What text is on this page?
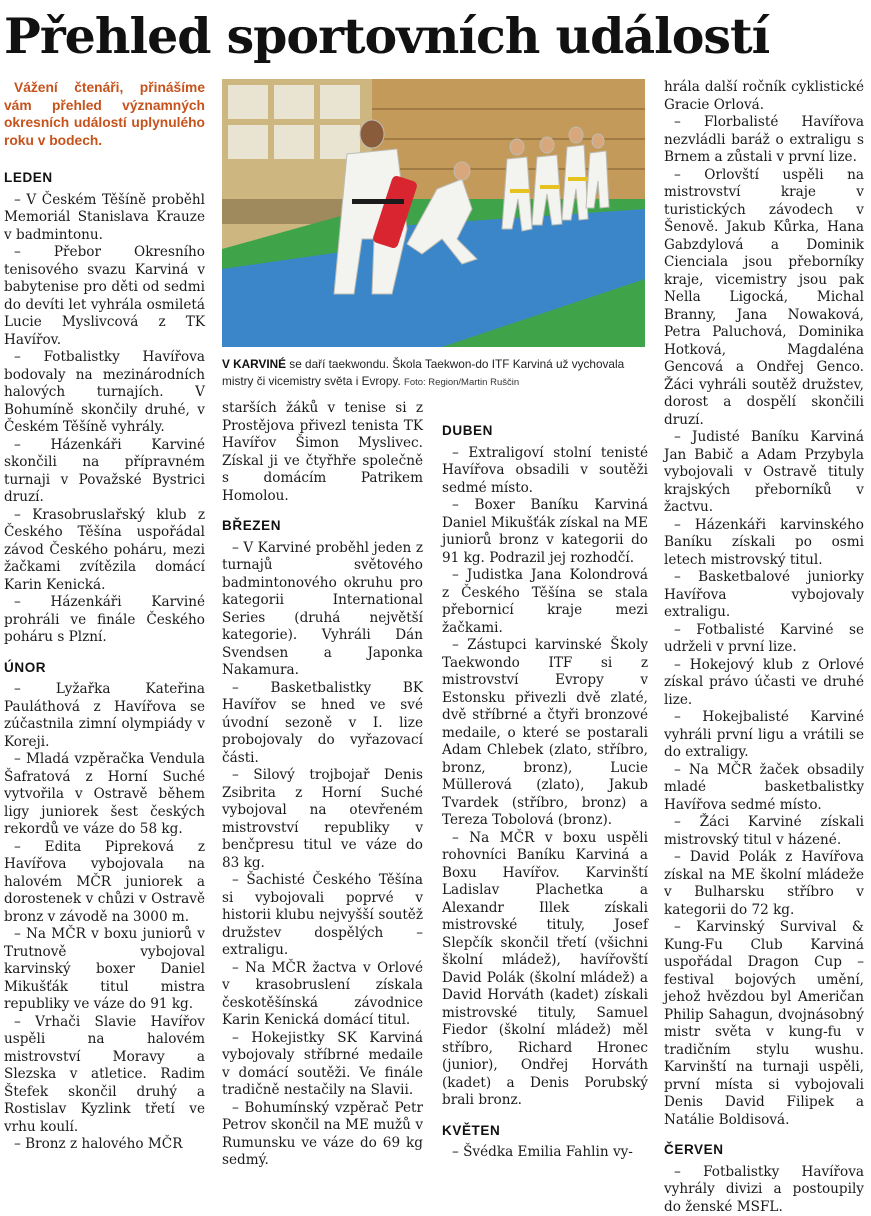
Přehled sportovních událostí

Vážení čtenáři, přinášíme vám přehled významných okresních událostí uplynulého roku v bodech.

LEDEN

– V Českém Těšíně proběhl Memoriál Stanislava Krauze v badmintonu.

– Přebor Okresního tenisového svazu Karviná v babytenise pro děti od sedmi do devíti let vyhrála osmiletá Lucie Myslivcová z TK Havířov.

– Fotbalistky Havířova bodovaly na mezinárodních halových turnajích. V Bohumíně skončily druhé, v Českém Těšíně vyhrály.

– Házenkáři Karviné skončili na přípravném turnaji v Považské Bystrici druzí.

– Krasobruslařský klub z Českého Těšína uspořádal závod Českého poháru, mezi žačkami zvítězila domácí Karin Kenická.

– Házenkáři Karviné prohráli ve finále Českého poháru s Plzní.

ÚNOR

– Lyžařka Kateřina Pauláthová z Havířova se zúčastnila zimní olympiády v Koreji.

– Mladá vzpěračka Vendula Šafratová z Horní Suché vytvořila v Ostravě během ligy juniorek šest českých rekordů ve váze do 58 kg.

– Edita Pipreková z Havířova vybojovala na halovém MČR juniorek a dorostenek v chůzi v Ostravě bronz v závodě na 3000 m.

– Na MČR v boxu juniorů v Trutnově vybojoval karvinský boxer Daniel Mikušťák titul mistra republiky ve váze do 91 kg.

– Vrhači Slavie Havířov uspěli na halovém mistrovství Moravy a Slezska v atletice. Radim Štefek skončil druhý a Rostislav Kyzlink třetí ve vrhu koulí.

– Bronz z halového MČR

V KARVINÉ se daří taekwondu. Škola Taekwon-do ITF Karviná už vychovala mistry či vicemistry světa i Evropy. Foto: Region/Martin Ruščin

starších žáků v tenise si z Prostějova přivezl tenista TK Havířov Šimon Myslivec. Získal ji ve čtyřhře společně s domácím Patrikem Homolou.

BŘEZEN

– V Karviné proběhl jeden z turnajů světového badmintonového okruhu pro kategorii International Series (druhá největší kategorie). Vyhráli Dán Svendsen a Japonka Nakamura.

– Basketbalistky BK Havířov se hned ve své úvodní sezoně v I. lize probojovaly do vyřazovací části.

– Silový trojbojař Denis Zsibrita z Horní Suché vybojoval na otevřeném mistrovství republiky v benčpresu titul ve váze do 83 kg.

– Šachisté Českého Těšína si vybojovali poprvé v historii klubu nejvyšší soutěž družstev dospělých – extraligu.

– Na MČR žactva v Orlové v krasobruslení získala českotěšínská závodnice Karin Kenická domácí titul.

– Hokejistky SK Karviná vybojovaly stříbrné medaile v domácí soutěži. Ve finále tradičně nestačily na Slavii.

– Bohumínský vzpěrač Petr Petrov skončil na ME mužů v Rumunsku ve váze do 69 kg sedmý.

DUBEN

– Extraligoví stolní tenisté Havířova obsadili v soutěži sedmé místo.

– Boxer Baníku Karviná Daniel Mikušťák získal na ME juniorů bronz v kategorii do 91 kg. Podrazil jej rozhodčí.

– Judistka Jana Kolondrová z Českého Těšína se stala přebornicí kraje mezi žačkami.

– Zástupci karvinské Školy Taekwondo ITF si z mistrovství Evropy v Estonsku přivezli dvě zlaté, dvě stříbrné a čtyři bronzové medaile, o které se postarali Adam Chlebek (zlato, stříbro, bronz, bronz), Lucie Müllerová (zlato), Jakub Tvardek (stříbro, bronz) a Tereza Tobolová (bronz).

– Na MČR v boxu uspěli rohovníci Baníku Karviná a Boxu Havířov. Karvinští Ladislav Plachetka a Alexandr Illek získali mistrovské tituly, Josef Slepčík skončil třetí (všichni školní mládež), havířovští David Polák (školní mládež) a David Horváth (kadet) získali mistrovské tituly, Samuel Fiedor (školní mládež) měl stříbro, Richard Hronec (junior), Ondřej Horváth (kadet) a Denis Porubský brali bronz.

KVĚTEN

– Švédka Emilia Fahlin vy-

hrála další ročník cyklistické Gracie Orlová.

– Florbalisté Havířova nezvládli baráž o extraligu s Brnem a zůstali v první lize.

– Orlovští uspěli na mistrovství kraje v turistických závodech v Šenově. Jakub Kůrka, Hana Gabzdylová a Dominik Cienciala jsou přeborníky kraje, vicemistry jsou pak Nella Ligocká, Michal Branny, Jana Nowaková, Petra Paluchová, Dominika Hotková, Magdaléna Gencová a Ondřej Genco. Žáci vyhráli soutěž družstev, dorost a dospělí skončili druzí.

– Judisté Baníku Karviná Jan Babič a Adam Przybyla vybojovali v Ostravě tituly krajských přeborníků v žactvu.

– Házenkáři karvinského Baníku získali po osmi letech mistrovský titul.

– Basketbalové juniorky Havířova vybojovaly extraligu.

– Fotbalisté Karviné se udrželi v první lize.

– Hokejový klub z Orlové získal právo účasti ve druhé lize.

– Hokejbalisté Karviné vyhráli první ligu a vrátili se do extraligy.

– Na MČR žaček obsadily mladé basketbalistky Havířova sedmé místo.

– Žáci Karviné získali mistrovský titul v házené.

– David Polák z Havířova získal na ME školní mládeže v Bulharsku stříbro v kategorii do 72 kg.

– Karvinský Survival & Kung-Fu Club Karviná uspořádal Dragon Cup – festival bojových umění, jehož hvězdou byl Američan Philip Sahagun, dvojnásobný mistr světa v kung-fu v tradičním stylu wushu. Karvinští na turnaji uspěli, první místa si vybojovali Denis David Filipek a Natálie Boldisová.

ČERVEN

– Fotbalistky Havířova vyhrály divizi a postoupily do ženské MSFL.
